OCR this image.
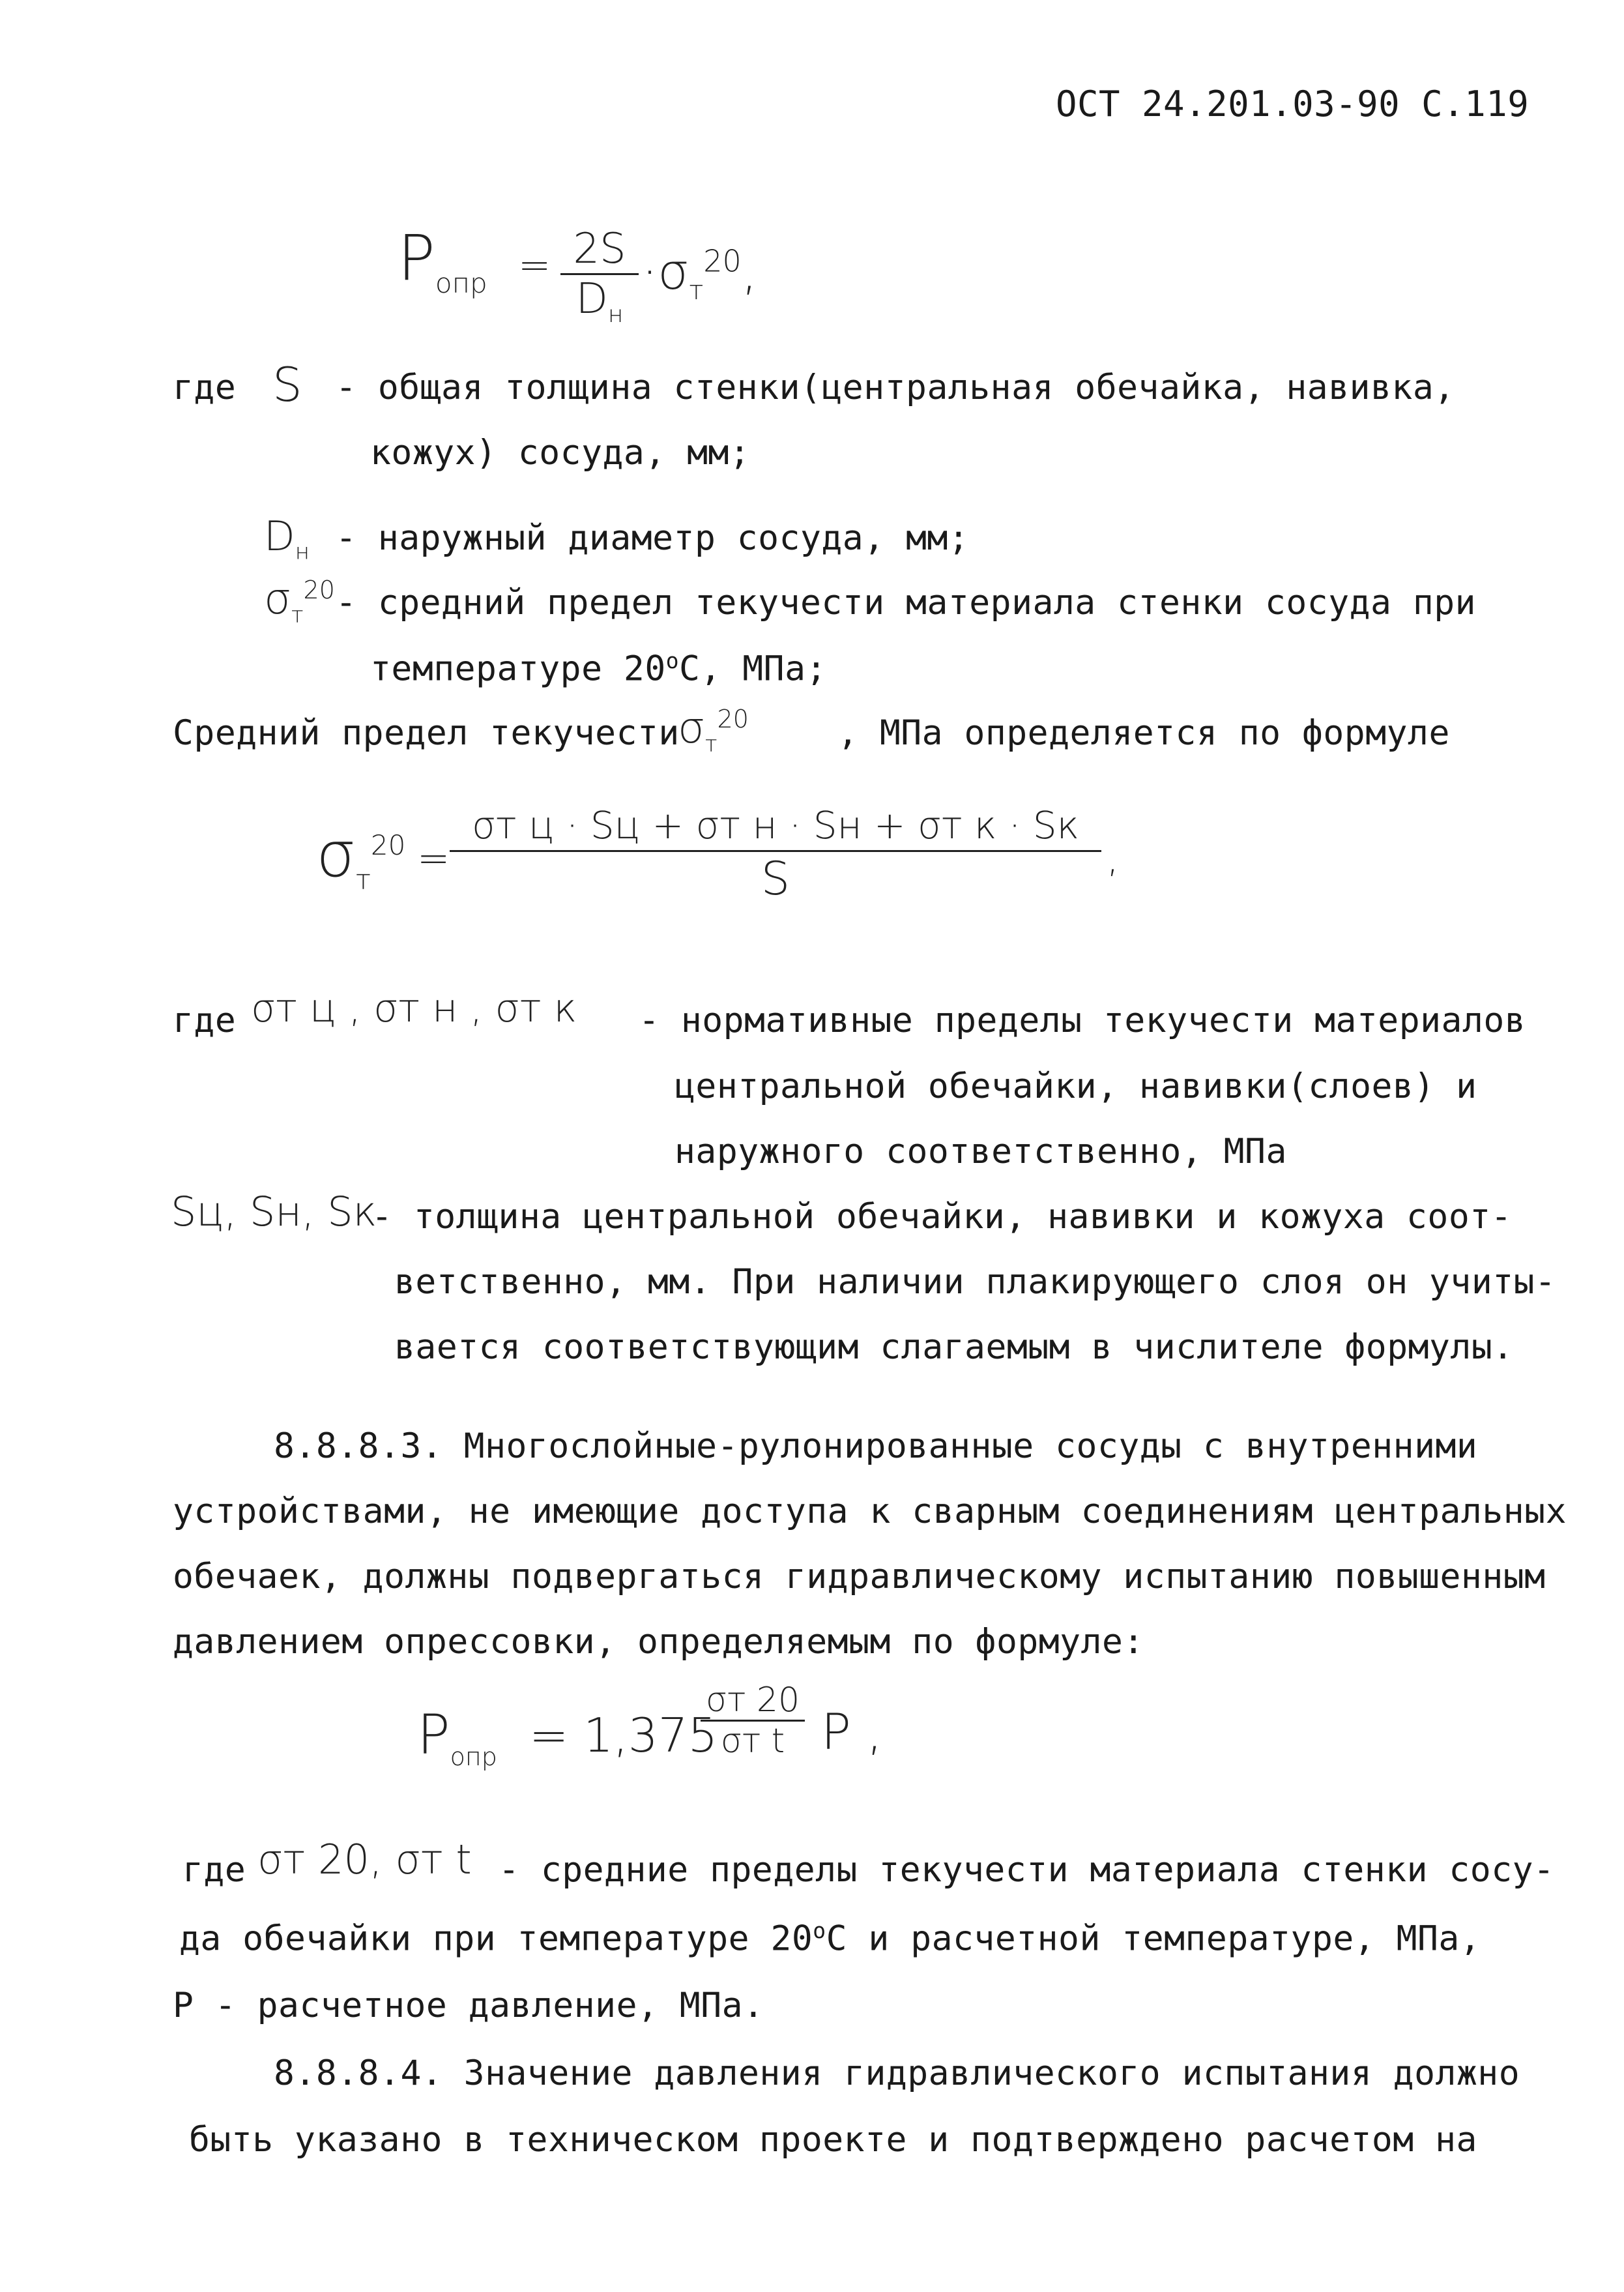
ОСТ 24.201.03-90 С.119
$P_{опр} = 2S$
$D_н$
$\cdot\sigma_т^{20}$,
где S - общая толщина стенки(центральная обечайка, навивка,
кожух) сосуда, мм;
$D_н$ - наружный диаметр сосуда, мм;
$\sigma_т^{20}$ - средний предел текучести материала стенки сосуда при
температуре $20^оС$, МПа;
Средний предел текучести
$\sigma_т^{20}$	, МПа определяется по формуле
$\sigma_т^{20}$ =
σт ц · Sц + σт н · Sн + σт к · Sк
S	,
где σт ц , σт н , σт к - нормативные пределы текучести материалов
центральной обечайки, навивки(слоев) и
наружного соответственно, МПа
Sц, Sн, Sк
- толщина центральной обечайки, навивки и кожуха соот-
ветственно, мм. При наличии плакирующего слоя он учиты-
вается соответствующим слагаемым в числителе формулы.
8.8.8.3. Многослойные-рулонированные сосуды с внутренними
устройствами, не имеющие доступа к сварным соединениям центральных
обечаек, должны подвергаться гидравлическому испытанию повышенным
давлением опрессовки, определяемым по формуле:
$P_{опр} = 1,375$
σт 20
σт t P ,
где σт 20, σт t - средние пределы текучести материала стенки сосу-
да обечайки при температуре $20^оС$ и расчетной температуре, МПа,
Р - расчетное давление, МПа.
8.8.8.4. Значение давления гидравлического испытания должно
быть указано в техническом проекте и подтверждено расчетом на
